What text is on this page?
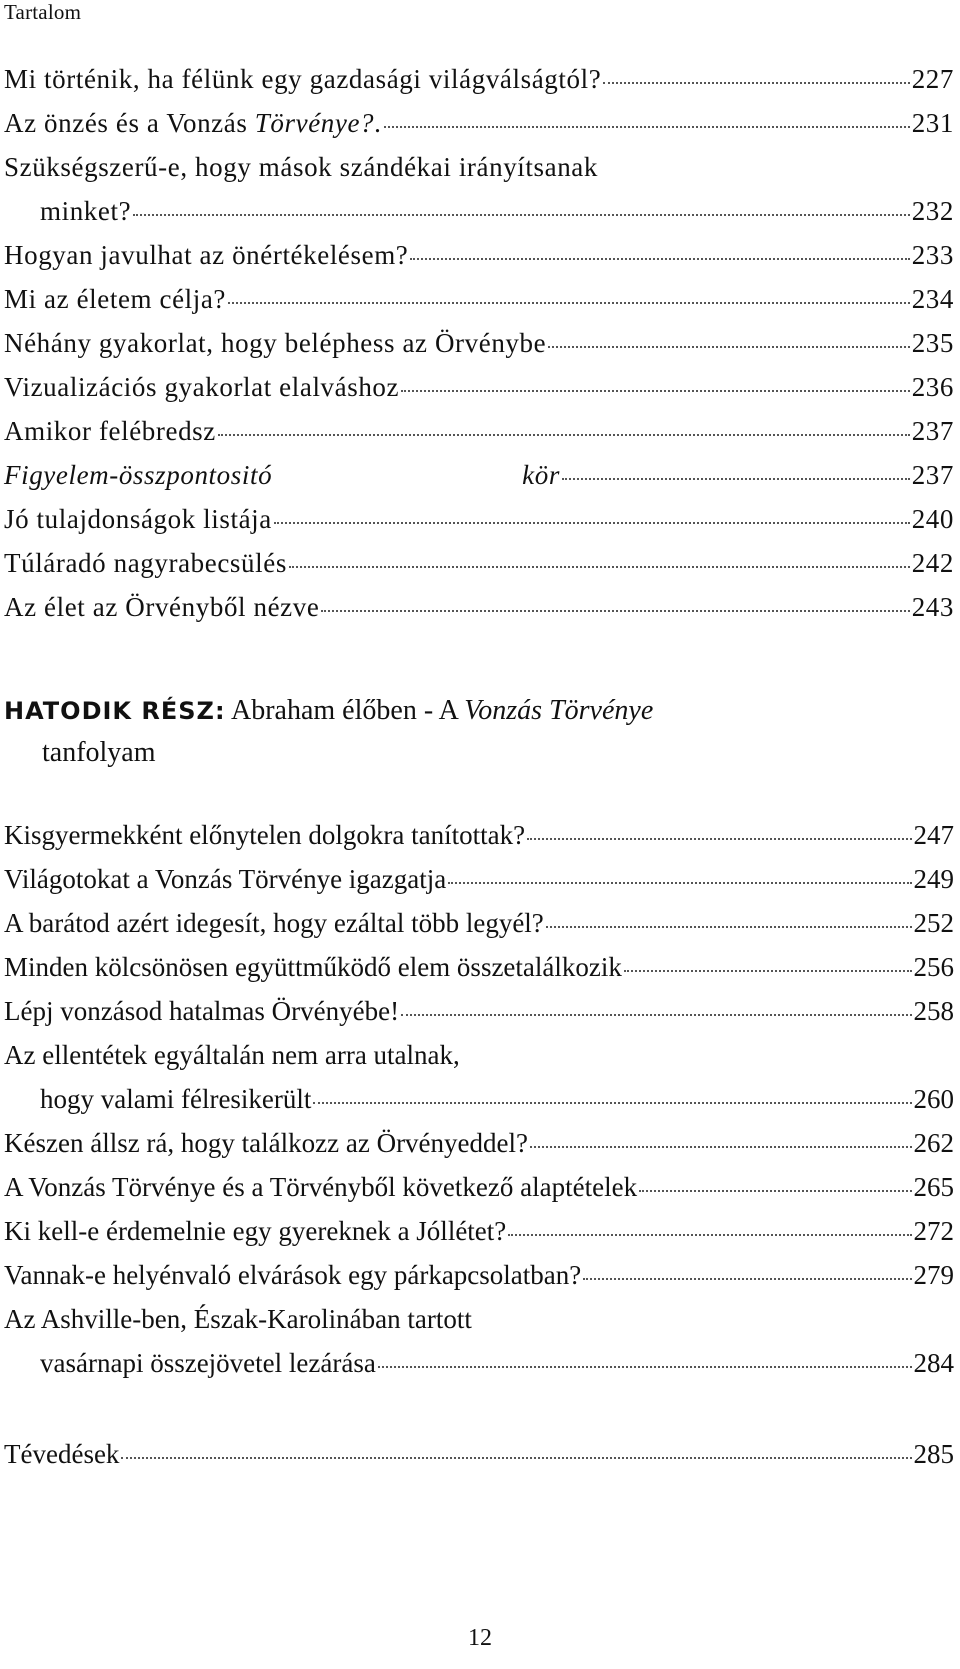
Tartalom
Mi történik, ha félünk egy gazdasági világválságtól?	227
Az önzés és a Vonzás Törvénye?.	231
Szükségszerű-e, hogy mások szándékai irányítsanak
minket?	232
Hogyan javulhat az önértékelésem?	233
Mi az életem célja?	234
Néhány gyakorlat, hogy beléphess az Örvénybe	235
Vizualizációs gyakorlat elalváshoz	236
Amikor felébredsz	237
Figyelem-összpontositó	kör	237
Jó tulajdonságok listája	240
Túláradó nagyrabecsülés	242
Az élet az Örvényből nézve	243
HATODIK RÉSZ: Abraham élőben - A Vonzás Törvénye
tanfolyam
Kisgyermekként előnytelen dolgokra tanítottak?	247
Világotokat a Vonzás Törvénye igazgatja	249
A barátod azért idegesít, hogy ezáltal több legyél?	252
Minden kölcsönösen együttműködő elem összetalálkozik	256
Lépj vonzásod hatalmas Örvényébe!	258
Az ellentétek egyáltalán nem arra utalnak,
hogy valami félresikerült	260
Készen állsz rá, hogy találkozz az Örvényeddel?	262
A Vonzás Törvénye és a Törvényből következő alaptételek	265
Ki kell-e érdemelnie egy gyereknek a Jóllétet?	272
Vannak-e helyénvaló elvárások egy párkapcsolatban?	279
Az Ashville-ben, Észak-Karolinában tartott
vasárnapi összejövetel lezárása	284
Tévedések	285
12
